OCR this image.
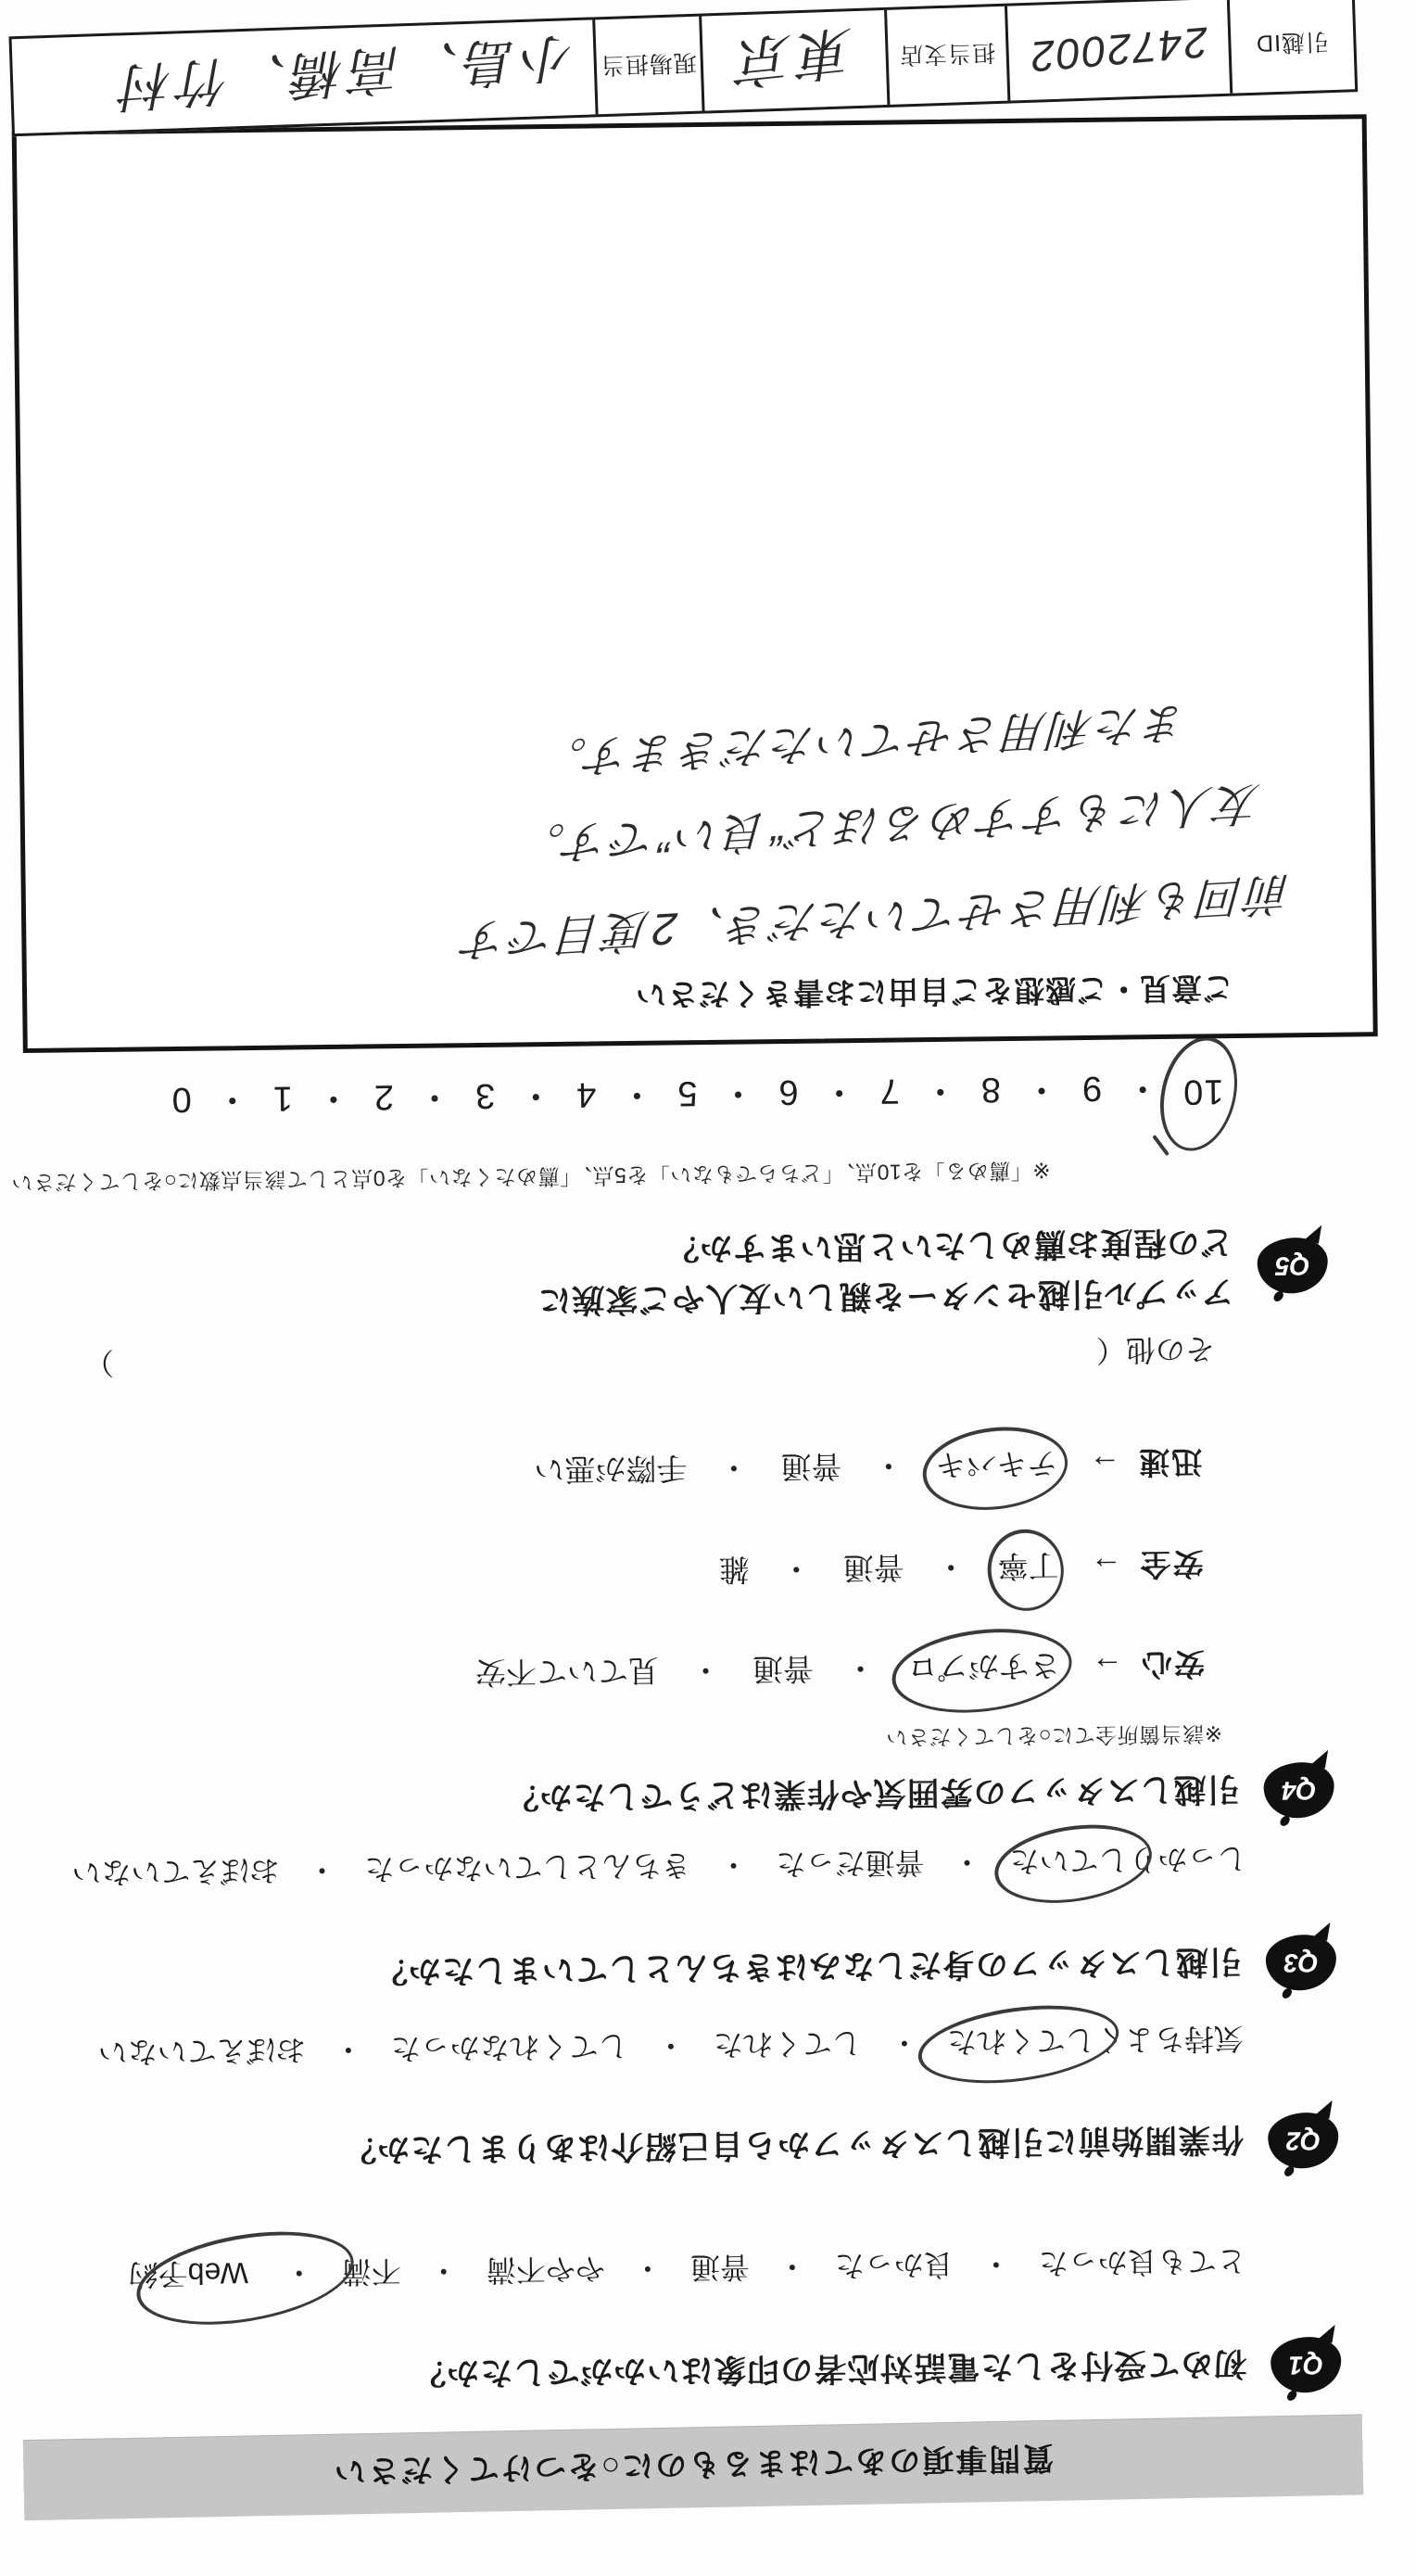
質問事項のあてはまるものに○をつけてください
Q1
初めて受付をした電話対応者の印象はいかがでしたか？
とても良かった
・ 良かった
・ 普通
・ やや不満
・ 不満
・ Web予約
Q2
作業開始前に引越しスタッフから自己紹介はありましたか？
気持ちよくしてくれた
・ してくれた
・ してくれなかった
・ おぼえていない
Q3
引越しスタッフの身だしなみはきちんとしていましたか？
しっかりしていた
・ 普通だった
・ きちんとしていなかった
・ おぼえていない
Q4
引越しスタッフの雰囲気や作業はどうでしたか？
※該当箇所全てに○をしてください
安心
→
さすがプロ
・ 普通
・ 見ていて不安
安全
→
丁寧
・ 普通
・ 雑
迅速
→
テキパキ
・ 普通
・ 手際が悪い
その他
（
）
Q5
アップル引越センターを親しい友人やご家族に
どの程度お薦めしたいと思いますか？
※「薦める」を10点、「どちらでもない」を5点、「薦めたくない」を0点として該当点数に○をしてください
10
・ 9
・ 8
・ 7
・ 6
・ 5
・ 4
・ 3
・ 2
・ 1
・ 0
ご意見・ご感想をご自由にお書きください
前回も利用させていただき、2度目です
友人にもすすめるほど“良い”です。
また利用させていただきます。
引越ID
2472002
担当支店
東京
現場担当
小島、高橋、竹村
